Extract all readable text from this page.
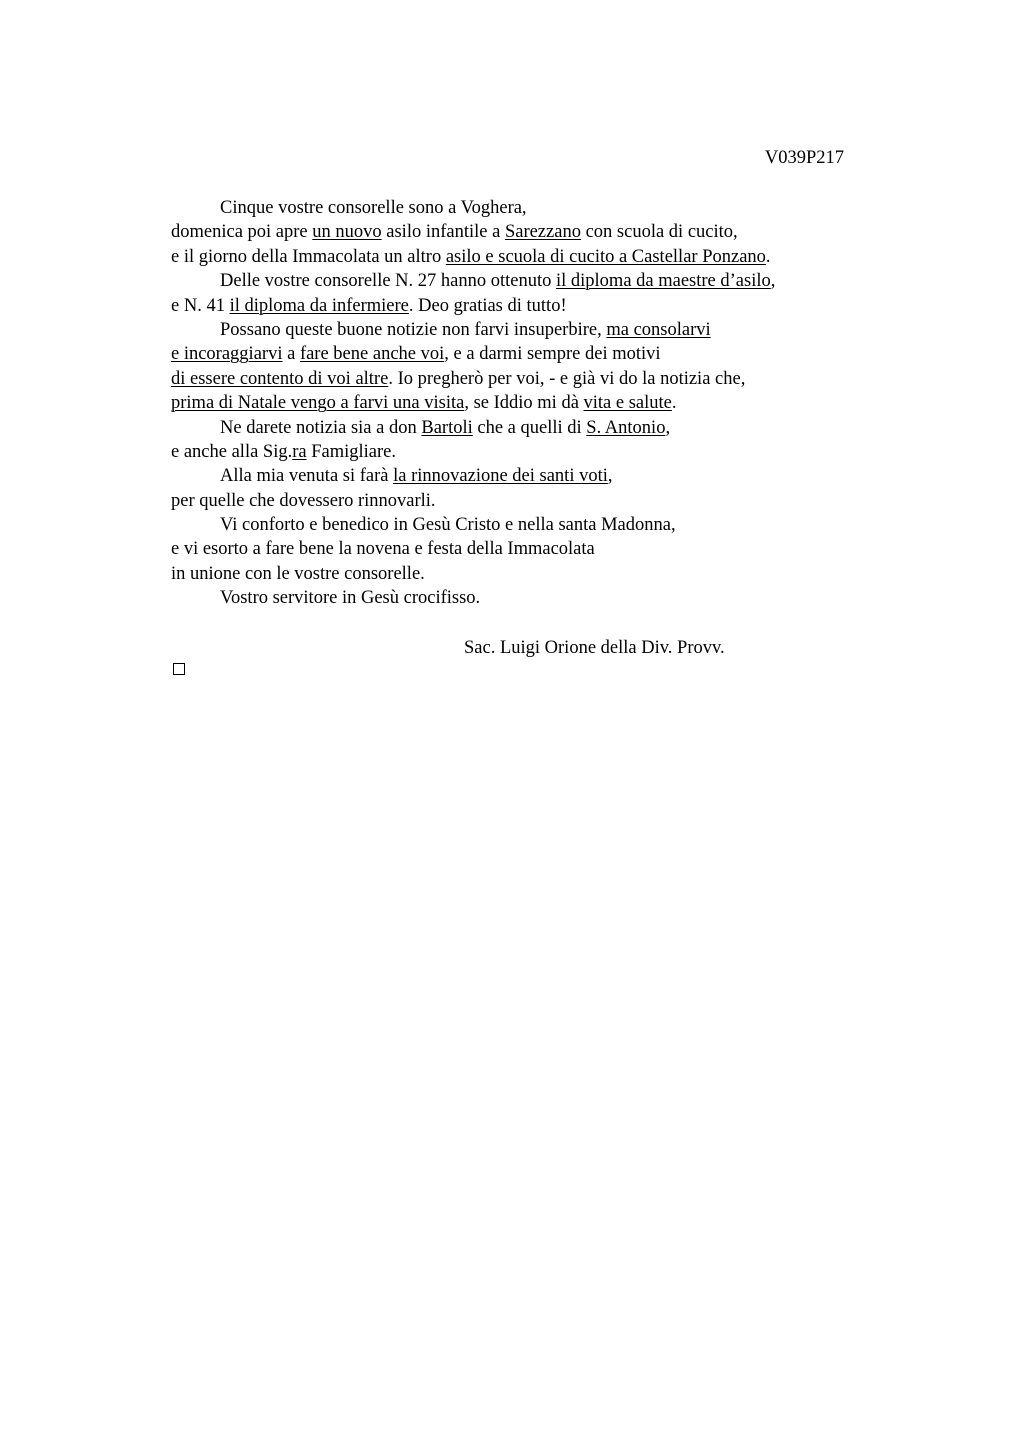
V039P217
Cinque vostre consorelle sono a Voghera,
domenica poi apre un nuovo asilo infantile a Sarezzano con scuola di cucito,
e il giorno della Immacolata un altro asilo e scuola di cucito a Castellar Ponzano.
Delle vostre consorelle N. 27 hanno ottenuto il diploma da maestre d’asilo,
e N. 41 il diploma da infermiere. Deo gratias di tutto!
Possano queste buone notizie non farvi insuperbire, ma consolarvi
e incoraggiarvi a fare bene anche voi, e a darmi sempre dei motivi
di essere contento di voi altre. Io pregherò per voi, - e già vi do la notizia che,
prima di Natale vengo a farvi una visita, se Iddio mi dà vita e salute.
Ne darete notizia sia a don Bartoli che a quelli di S. Antonio,
e anche alla Sig.ra Famigliare.
Alla mia venuta si farà la rinnovazione dei santi voti,
per quelle che dovessero rinnovarli.
Vi conforto e benedico in Gesù Cristo e nella santa Madonna,
e vi esorto a fare bene la novena e festa della Immacolata
in unione con le vostre consorelle.
Vostro servitore in Gesù crocifisso.
Sac. Luigi Orione della Div. Provv.
